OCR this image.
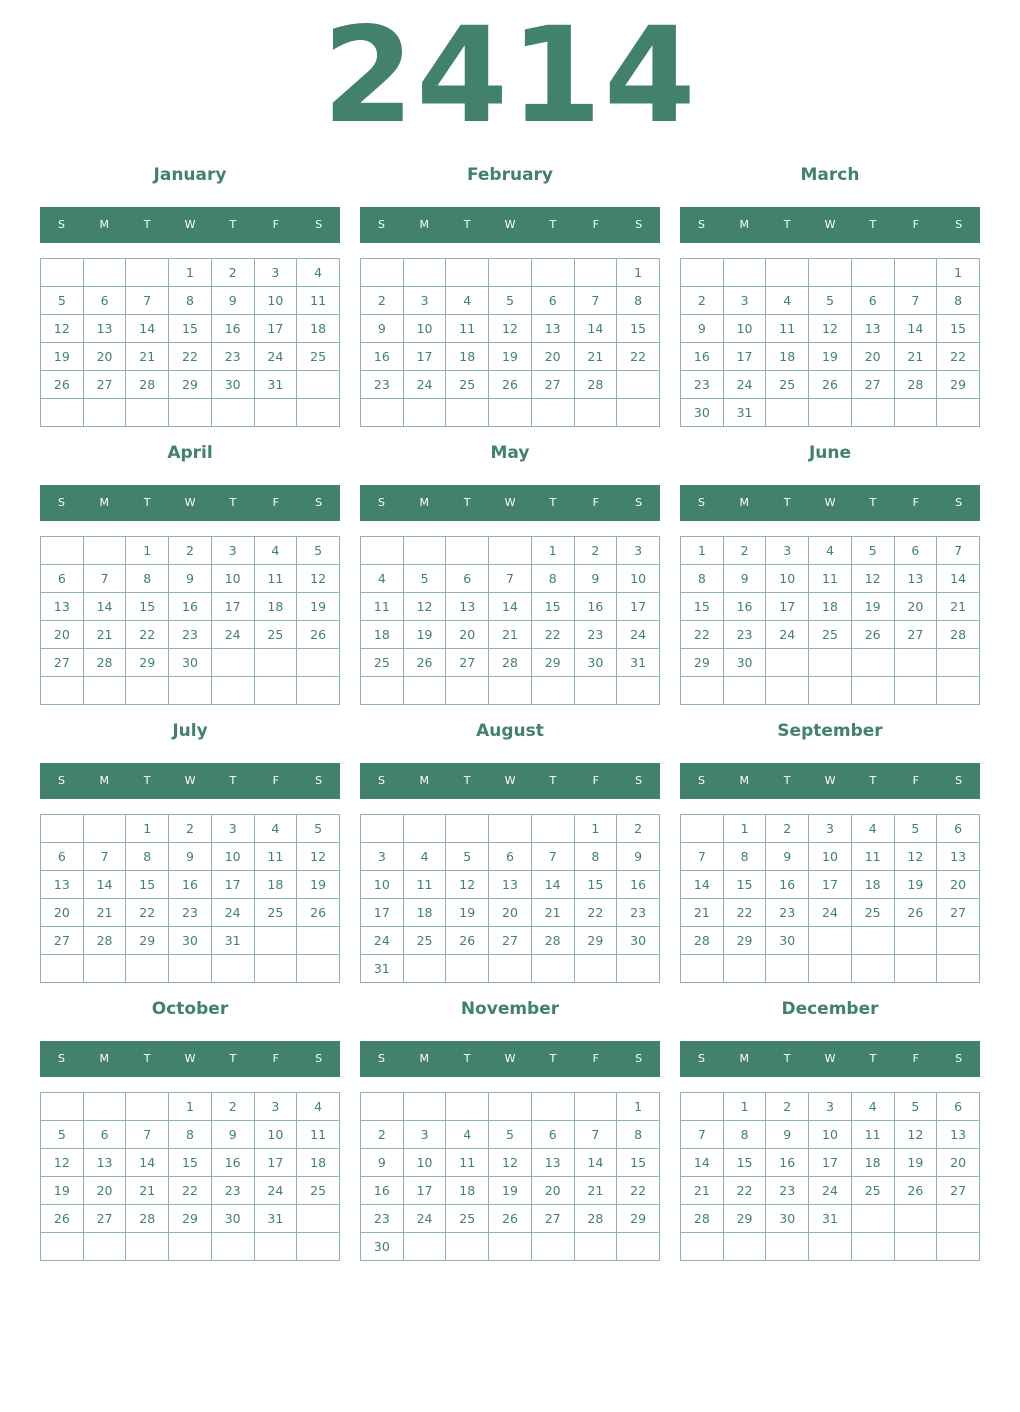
2414
January
S	M	T	W	T	F	S
			1	2	3	4
5	6	7	8	9	10	11
12	13	14	15	16	17	18
19	20	21	22	23	24	25
26	27	28	29	30	31	

February
S	M	T	W	T	F	S
						1
2	3	4	5	6	7	8
9	10	11	12	13	14	15
16	17	18	19	20	21	22
23	24	25	26	27	28	

March
S	M	T	W	T	F	S
						1
2	3	4	5	6	7	8
9	10	11	12	13	14	15
16	17	18	19	20	21	22
23	24	25	26	27	28	29
30	31					
April
S	M	T	W	T	F	S
		1	2	3	4	5
6	7	8	9	10	11	12
13	14	15	16	17	18	19
20	21	22	23	24	25	26
27	28	29	30			

May
S	M	T	W	T	F	S
				1	2	3
4	5	6	7	8	9	10
11	12	13	14	15	16	17
18	19	20	21	22	23	24
25	26	27	28	29	30	31

June
S	M	T	W	T	F	S
1	2	3	4	5	6	7
8	9	10	11	12	13	14
15	16	17	18	19	20	21
22	23	24	25	26	27	28
29	30					

July
S	M	T	W	T	F	S
		1	2	3	4	5
6	7	8	9	10	11	12
13	14	15	16	17	18	19
20	21	22	23	24	25	26
27	28	29	30	31		

August
S	M	T	W	T	F	S
					1	2
3	4	5	6	7	8	9
10	11	12	13	14	15	16
17	18	19	20	21	22	23
24	25	26	27	28	29	30
31						
September
S	M	T	W	T	F	S
	1	2	3	4	5	6
7	8	9	10	11	12	13
14	15	16	17	18	19	20
21	22	23	24	25	26	27
28	29	30				

October
S	M	T	W	T	F	S
			1	2	3	4
5	6	7	8	9	10	11
12	13	14	15	16	17	18
19	20	21	22	23	24	25
26	27	28	29	30	31	

November
S	M	T	W	T	F	S
						1
2	3	4	5	6	7	8
9	10	11	12	13	14	15
16	17	18	19	20	21	22
23	24	25	26	27	28	29
30						
December
S	M	T	W	T	F	S
	1	2	3	4	5	6
7	8	9	10	11	12	13
14	15	16	17	18	19	20
21	22	23	24	25	26	27
28	29	30	31			
